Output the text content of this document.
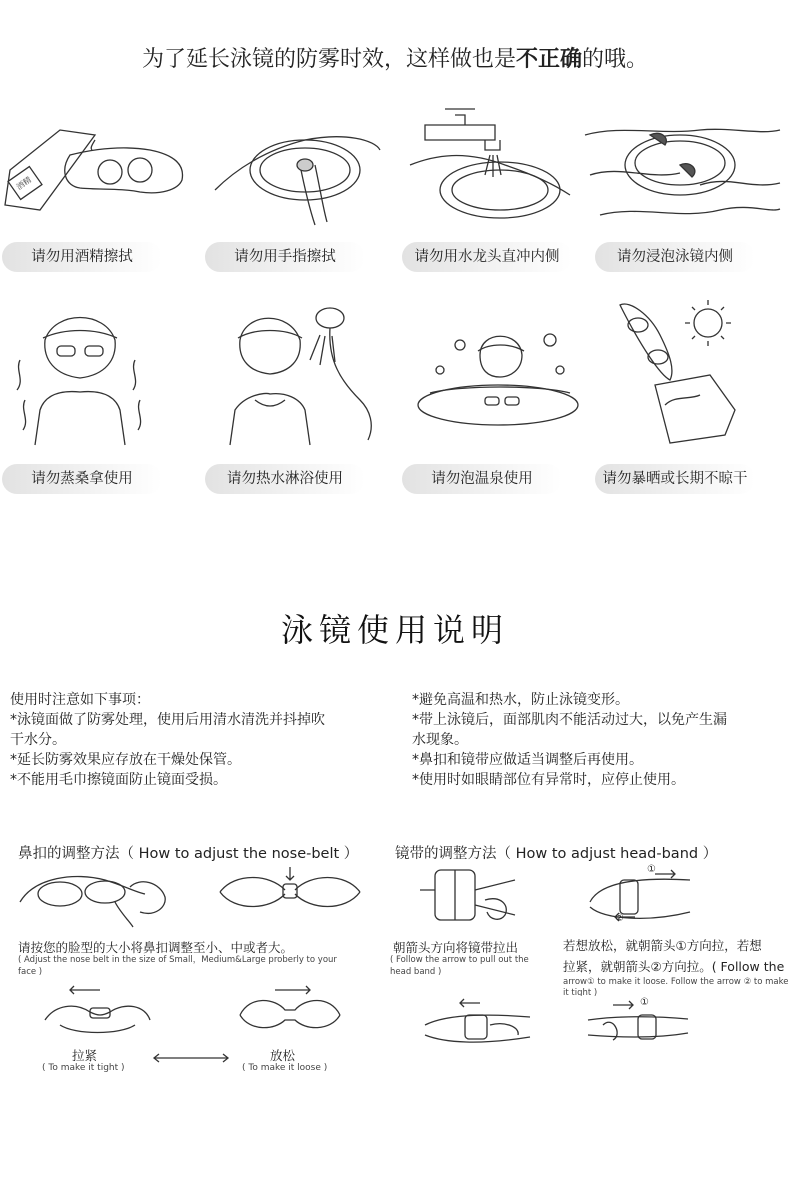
为了延长泳镜的防雾时效，这样做也是不正确的哦。
酒精
请勿用酒精擦拭	请勿用手指擦拭	请勿用水龙头直冲内侧	请勿浸泡泳镜内侧
请勿蒸桑拿使用	请勿热水淋浴使用	请勿泡温泉使用	请勿暴晒或长期不晾干
泳镜使用说明
使用时注意如下事项：
*泳镜面做了防雾处理，使用后用清水清洗并抖掉吹
干水分。
*延长防雾效果应存放在干燥处保管。
*不能用毛巾擦镜面防止镜面受损。
*避免高温和热水，防止泳镜变形。
*带上泳镜后，面部肌肉不能活动过大，以免产生漏
水现象。
*鼻扣和镜带应做适当调整后再使用。
*使用时如眼睛部位有异常时，应停止使用。
鼻扣的调整方法（ How to adjust the nose-belt ）	镜带的调整方法（ How to adjust head-band ）
请按您的脸型的大小将鼻扣调整至小、中或者大。
( Adjust the nose belt in the size of Small，Medium&Large proberly to your
face )
拉紧
( To make it tight )
放松
( To make it loose )
①
②
朝箭头方向将镜带拉出
( Follow the arrow to pull out the
head band )
若想放松，就朝箭头①方向拉，若想
拉紧，就朝箭头②方向拉。( Follow the
arrow① to make it loose. Follow the arrow ② to make
it tight )
①
